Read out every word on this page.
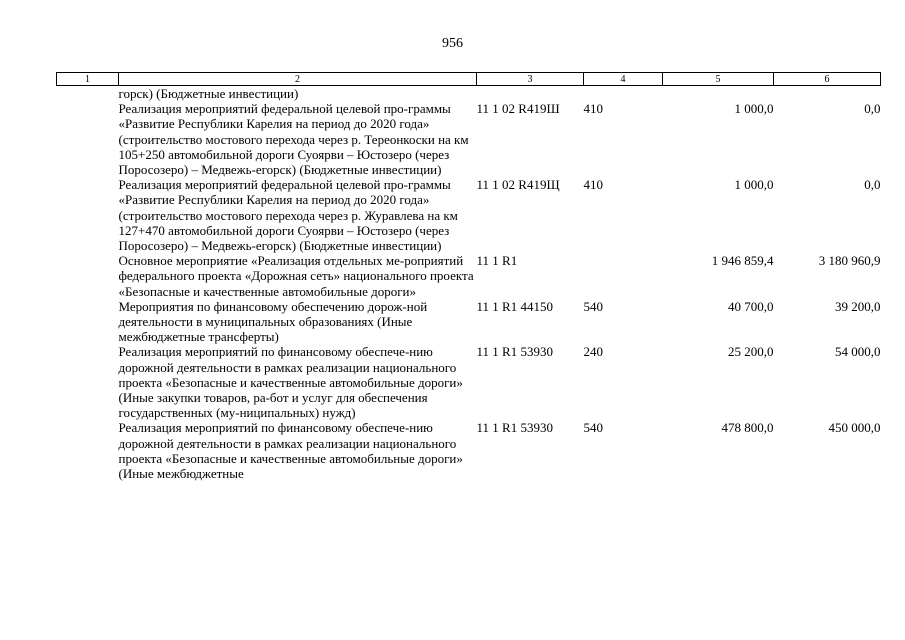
956
1	2	3	4	5	6
	горск) (Бюджетные инвестиции)				
	Реализация мероприятий федеральной целевой про-граммы «Развитие Республики Карелия на период до 2020 года» (строительство мостового перехода через р. Тереонкоски на км 105+250 автомобильной дороги Суоярви – Юстозеро (через Поросозеро) – Медвежь-егорск) (Бюджетные инвестиции)	11 1 02 R419Ш	410	1 000,0	0,0
	Реализация мероприятий федеральной целевой про-граммы «Развитие Республики Карелия на период до 2020 года» (строительство мостового перехода через р. Журавлева на км 127+470 автомобильной дороги Суоярви – Юстозеро (через Поросозеро) – Медвежь-егорск) (Бюджетные инвестиции)	11 1 02 R419Щ	410	1 000,0	0,0
	Основное мероприятие «Реализация отдельных ме-роприятий федерального проекта «Дорожная сеть» национального проекта «Безопасные и качественные автомобильные дороги»	11 1 R1		1 946 859,4	3 180 960,9
	Мероприятия по финансовому обеспечению дорож-ной деятельности в муниципальных образованиях (Иные межбюджетные трансферты)	11 1 R1 44150	540	40 700,0	39 200,0
	Реализация мероприятий по финансовому обеспече-нию дорожной деятельности в рамках реализации национального проекта «Безопасные и качественные автомобильные дороги» (Иные закупки товаров, ра-бот и услуг для обеспечения государственных (му-ниципальных) нужд)	11 1 R1 53930	240	25 200,0	54 000,0
	Реализация мероприятий по финансовому обеспече-нию дорожной деятельности в рамках реализации национального проекта «Безопасные и качественные автомобильные дороги» (Иные межбюджетные	11 1 R1 53930	540	478 800,0	450 000,0
